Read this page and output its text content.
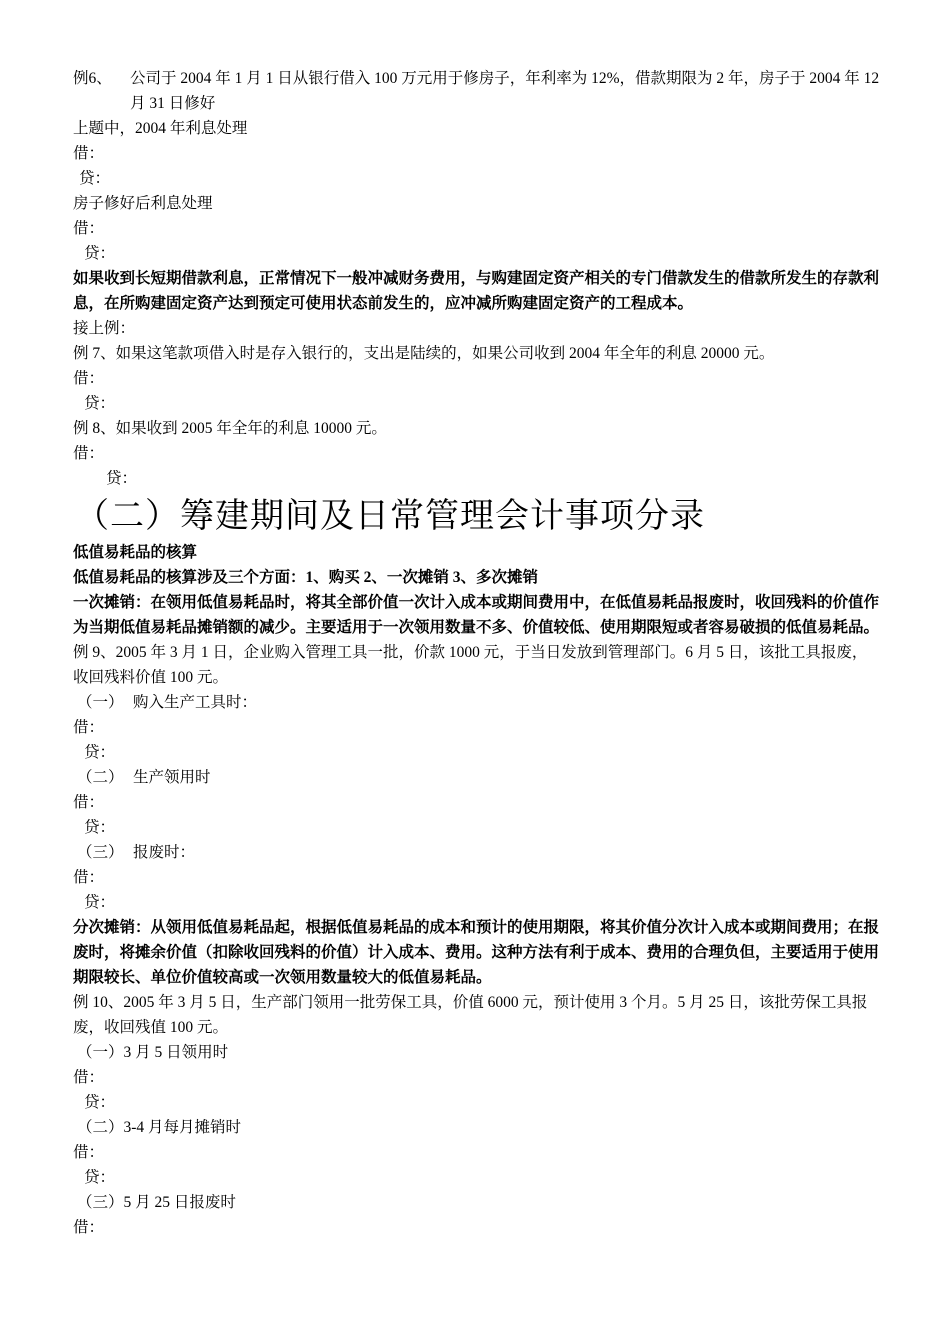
例6、	公司于 2004 年 1 月 1 日从银行借入 100 万元用于修房子，年利率为 12%，借款期限为 2 年，房子于 2004 年 12 月 31 日修好
上题中，2004 年利息处理
借：
贷：
房子修好后利息处理
借：
贷：
如果收到长短期借款利息，正常情况下一般冲减财务费用，与购建固定资产相关的专门借款发生的借款所发生的存款利息，在所购建固定资产达到预定可使用状态前发生的，应冲减所购建固定资产的工程成本。
接上例：
例 7、如果这笔款项借入时是存入银行的，支出是陆续的，如果公司收到 2004 年全年的利息 20000 元。
借：
贷：
例 8、如果收到 2005 年全年的利息 10000 元。
借：
贷：
（二）筹建期间及日常管理会计事项分录
低值易耗品的核算
低值易耗品的核算涉及三个方面：1、购买 2、一次摊销 3、多次摊销
一次摊销：在领用低值易耗品时，将其全部价值一次计入成本或期间费用中，在低值易耗品报废时，收回残料的价值作为当期低值易耗品摊销额的减少。主要适用于一次领用数量不多、价值较低、使用期限短或者容易破损的低值易耗品。
例 9、2005 年 3 月 1 日，企业购入管理工具一批，价款 1000 元，于当日发放到管理部门。6 月 5 日，该批工具报废，收回残料价值 100 元。
（一） 购入生产工具时：
借：
贷：
（二） 生产领用时
借：
贷：
（三） 报废时：
借：
贷：
分次摊销：从领用低值易耗品起，根据低值易耗品的成本和预计的使用期限，将其价值分次计入成本或期间费用；在报废时，将摊余价值（扣除收回残料的价值）计入成本、费用。这种方法有利于成本、费用的合理负但，主要适用于使用期限较长、单位价值较高或一次领用数量较大的低值易耗品。
例 10、2005 年 3 月 5 日，生产部门领用一批劳保工具，价值 6000 元，预计使用 3 个月。5 月 25 日，该批劳保工具报废，收回残值 100 元。
（一）3 月 5 日领用时
借：
贷：
（二）3-4 月每月摊销时
借：
贷：
（三）5 月 25 日报废时
借：
